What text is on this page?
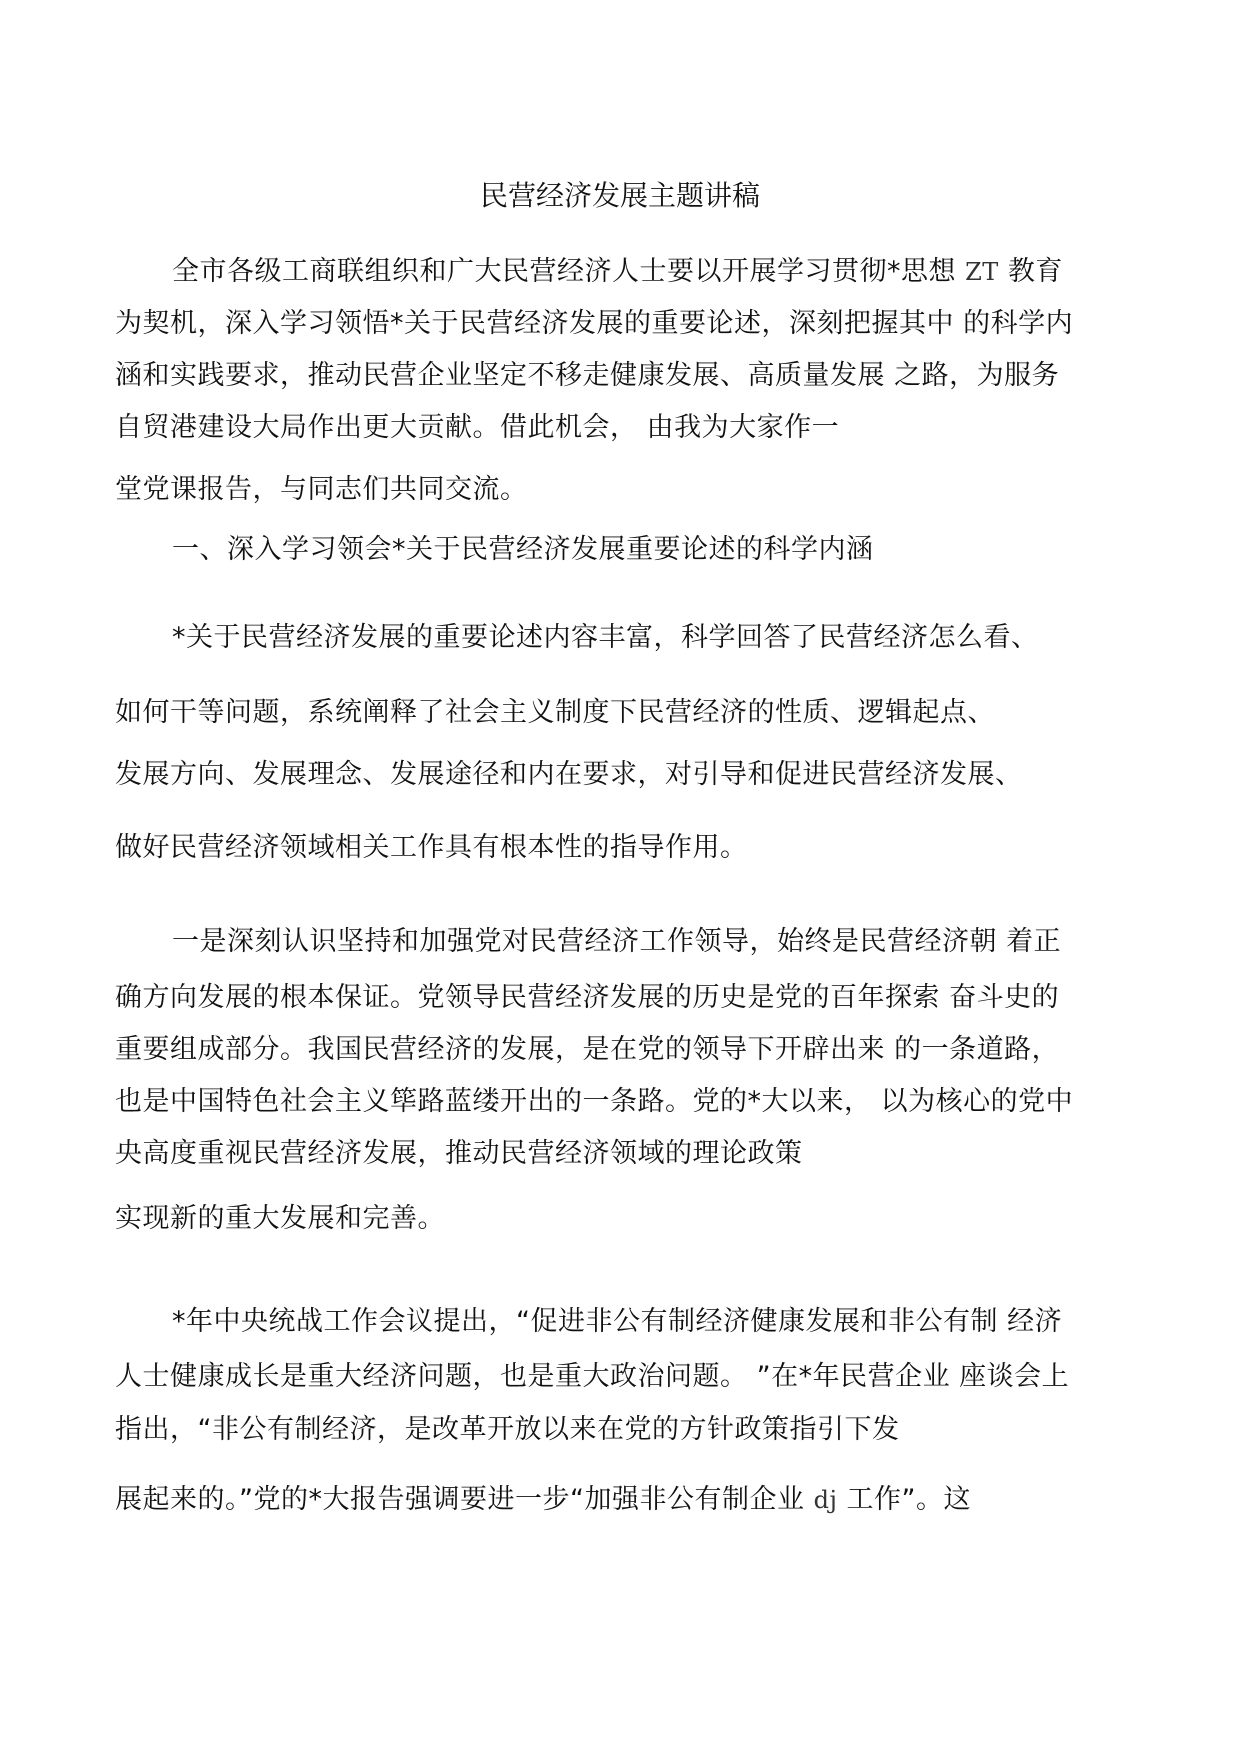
民营经济发展主题讲稿
全市各级工商联组织和广大民营经济人士要以开展学习贯彻*思想 ZT 教育
为契机，深入学习领悟*关于民营经济发展的重要论述，深刻把握其中 的科学内
涵和实践要求，推动民营企业坚定不移走健康发展、高质量发展 之路，为服务
自贸港建设大局作出更大贡献。借此机会， 由我为大家作一
堂党课报告，与同志们共同交流。
一、深入学习领会*关于民营经济发展重要论述的科学内涵
*关于民营经济发展的重要论述内容丰富，科学回答了民营经济怎么看、
如何干等问题，系统阐释了社会主义制度下民营经济的性质、逻辑起点、
发展方向、发展理念、发展途径和内在要求，对引导和促进民营经济发展、
做好民营经济领域相关工作具有根本性的指导作用。
一是深刻认识坚持和加强党对民营经济工作领导，始终是民营经济朝 着正
确方向发展的根本保证。党领导民营经济发展的历史是党的百年探索 奋斗史的
重要组成部分。我国民营经济的发展，是在党的领导下开辟出来 的一条道路，
也是中国特色社会主义筚路蓝缕开出的一条路。党的*大以来， 以为核心的党中
央高度重视民营经济发展，推动民营经济领域的理论政策
实现新的重大发展和完善。
*年中央统战工作会议提出，“促进非公有制经济健康发展和非公有制 经济
人士健康成长是重大经济问题，也是重大政治问题。 ”在*年民营企业 座谈会上
指出，“非公有制经济，是改革开放以来在党的方针政策指引下发
展起来的。”党的*大报告强调要进一步“加强非公有制企业 dj 工作”。这
